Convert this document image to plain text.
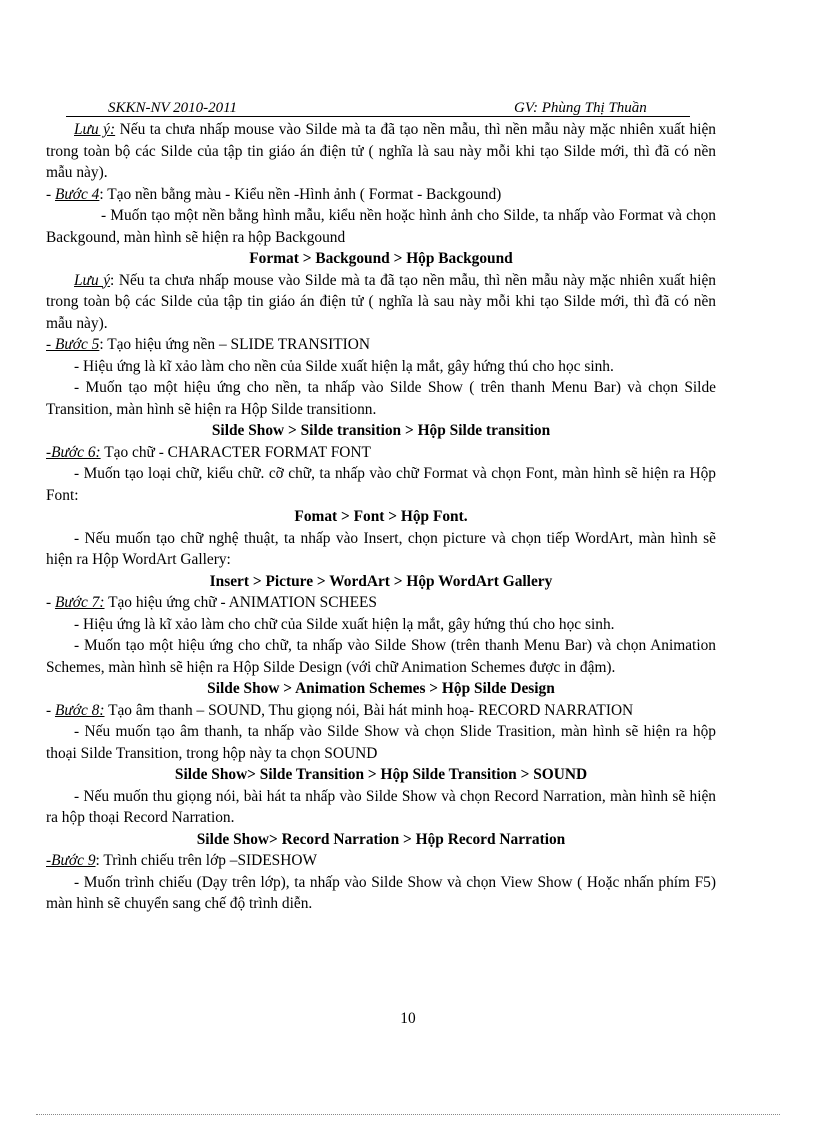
SKKN-NV 2010-2011	GV: Phùng Thị Thuần

Lưu ý: Nếu ta chưa nhấp mouse vào Silde mà ta đã tạo nền mẫu, thì nền mẫu này mặc nhiên xuất hiện trong toàn bộ các Silde của tập tin giáo án điện tử ( nghĩa là sau này mỗi khi tạo Silde mới, thì đã có nền mẫu này).

- Bước 4: Tạo nền bằng màu - Kiểu nền -Hình ảnh ( Format - Backgound)

- Muốn tạo một nền bằng hình mẫu, kiểu nền hoặc hình ảnh cho Silde, ta nhấp vào Format và chọn Backgound, màn hình sẽ hiện ra hộp Backgound

Format > Backgound > Hộp Backgound

Lưu ý: Nếu ta chưa nhấp mouse vào Silde mà ta đã tạo nền mẫu, thì nền mẫu này mặc nhiên xuất hiện trong toàn bộ các Silde của tập tin giáo án điện tử ( nghĩa là sau này mỗi khi tạo Silde mới, thì đã có nền mẫu này).

- Bước 5: Tạo hiệu ứng nền – SLIDE TRANSITION

- Hiệu ứng là kĩ xảo làm cho nền của Silde xuất hiện lạ mắt, gây hứng thú cho học sinh.

- Muốn tạo một hiệu ứng cho nền, ta nhấp vào Silde Show ( trên thanh Menu Bar) và chọn Silde Transition, màn hình sẽ hiện ra Hộp Silde transitionn.

Silde Show > Silde transition > Hộp Silde transition

-Bước 6: Tạo chữ - CHARACTER FORMAT FONT

- Muốn tạo loại chữ, kiểu chữ. cỡ chữ, ta nhấp vào chữ Format và chọn Font, màn hình sẽ hiện ra Hộp Font:

Fomat > Font > Hộp Font.

- Nếu muốn tạo chữ nghệ thuật, ta nhấp vào Insert, chọn picture và chọn tiếp WordArt, màn hình sẽ hiện ra Hộp WordArt Gallery:

Insert > Picture > WordArt > Hộp WordArt Gallery

- Bước 7: Tạo hiệu ứng chữ - ANIMATION SCHEES

- Hiệu ứng là kĩ xảo làm cho chữ của Silde xuất hiện lạ mắt, gây hứng thú cho học sinh.

- Muốn tạo một hiệu ứng cho chữ, ta nhấp vào Silde Show (trên thanh Menu Bar) và chọn Animation Schemes, màn hình sẽ hiện ra Hộp Silde Design (với chữ Animation Schemes được in đậm).

Silde Show > Animation Schemes > Hộp Silde Design

- Bước 8: Tạo âm thanh – SOUND, Thu giọng nói, Bài hát minh hoạ- RECORD NARRATION

- Nếu muốn tạo âm thanh, ta nhấp vào Silde Show và chọn Slide Trasition, màn hình sẽ hiện ra hộp thoại Silde Transition, trong hộp này ta chọn SOUND

Silde Show> Silde Transition > Hộp Silde Transition > SOUND

- Nếu muốn thu giọng nói, bài hát ta nhấp vào Silde Show và chọn Record Narration, màn hình sẽ hiện ra hộp thoại Record Narration.

Silde Show> Record Narration > Hộp Record Narration

-Bước 9: Trình chiếu trên lớp –SIDESHOW

- Muốn trình chiếu (Dạy trên lớp), ta nhấp vào Silde Show và chọn View Show ( Hoặc nhấn phím F5) màn hình sẽ chuyển sang chế độ trình diễn.

10
